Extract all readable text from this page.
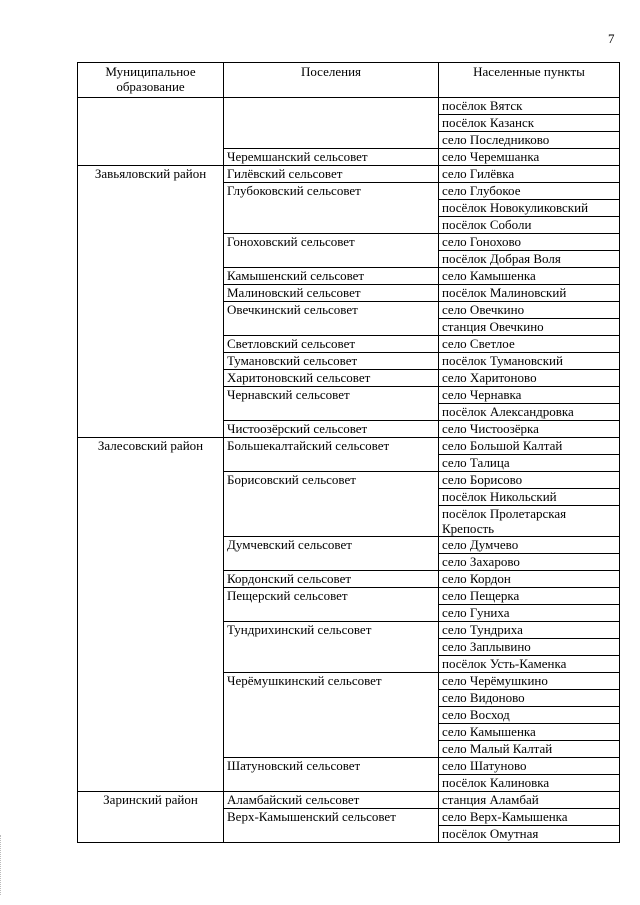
7
Муниципальное образование	Поселения	Населенные пункты
		посёлок Вятск
		посёлок Казанск
		село Последниково
	Черемшанский сельсовет	село Черемшанка
Завьяловский район	Гилёвский сельсовет	село Гилёвка
	Глубоковский сельсовет	село Глубокое
		посёлок Новокуликовский
		посёлок Соболи
	Гоноховский сельсовет	село Гонохово
		посёлок Добрая Воля
	Камышенский сельсовет	село Камышенка
	Малиновский сельсовет	посёлок Малиновский
	Овечкинский сельсовет	село Овечкино
		станция Овечкино
	Светловский сельсовет	село Светлое
	Тумановский сельсовет	посёлок Тумановский
	Харитоновский сельсовет	село Харитоново
	Чернавский сельсовет	село Чернавка
		посёлок Александровка
	Чистоозёрский сельсовет	село Чистоозёрка
Залесовский район	Большекалтайский сельсовет	село Большой Калтай
		село Талица
	Борисовский сельсовет	село Борисово
		посёлок Никольский
		посёлок Пролетарская Крепость
	Думчевский сельсовет	село Думчево
		село Захарово
	Кордонский сельсовет	село Кордон
	Пещерский сельсовет	село Пещерка
		село Гуниха
	Тундрихинский сельсовет	село Тундриха
		село Заплывино
		посёлок Усть-Каменка
	Черёмушкинский сельсовет	село Черёмушкино
		село Видоново
		село Восход
		село Камышенка
		село Малый Калтай
	Шатуновский сельсовет	село Шатуново
		посёлок Калиновка
Заринский район	Аламбайский сельсовет	станция Аламбай
	Верх-Камышенский сельсовет	село Верх-Камышенка
		посёлок Омутная
